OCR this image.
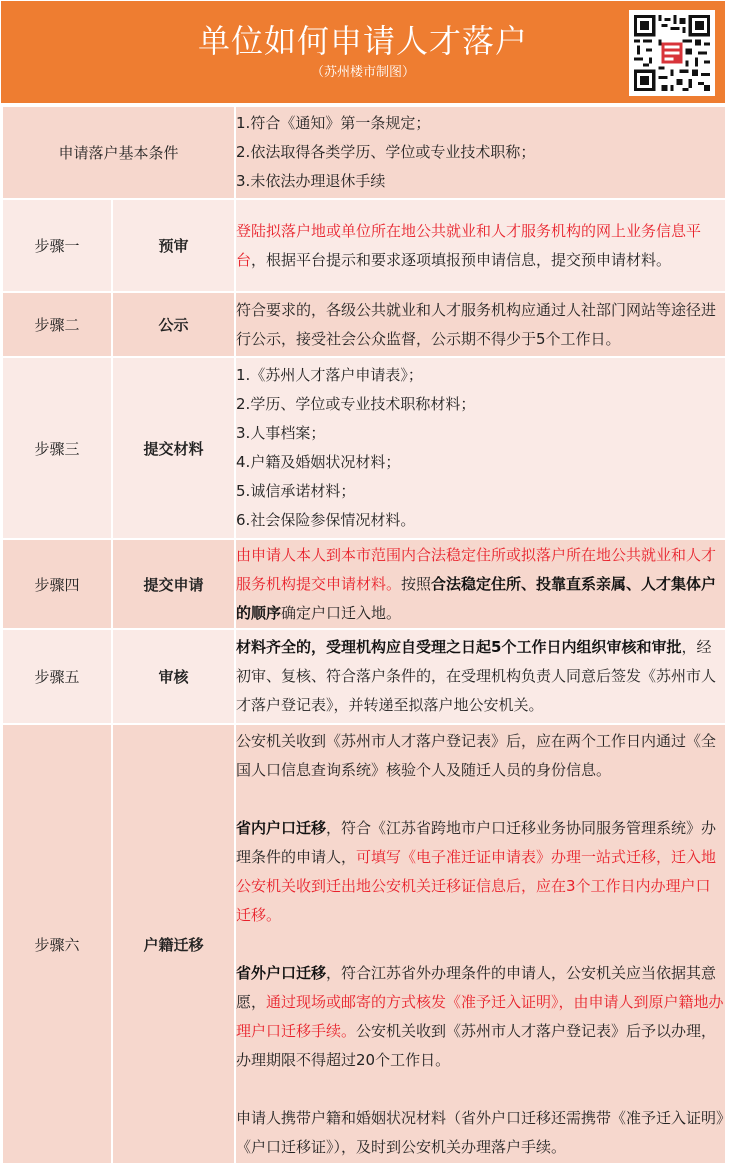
单位如何申请人才落户
（苏州楼市制图）
申请落户基本条件		1.符合《通知》第一条规定；
2.依法取得各类学历、学位或专业技术职称；
3.未依法办理退休手续

步骤一	预审	登陆拟落户地或单位所在地公共就业和人才服务机构的网上业务信息平台，根据平台提示和要求逐项填报预申请信息，提交预申请材料。
步骤二	公示	符合要求的，各级公共就业和人才服务机构应通过人社部门网站等途径进行公示，接受社会公众监督，公示期不得少于5个工作日。
步骤三	提交材料	
1.《苏州人才落户申请表》；
2.学历、学位或专业技术职称材料；
3.人事档案；
4.户籍及婚姻状况材料；
5.诚信承诺材料；
6.社会保险参保情况材料。

步骤四	提交申请	由申请人本人到本市范围内合法稳定住所或拟落户所在地公共就业和人才服务机构提交申请材料。按照合法稳定住所、投靠直系亲属、人才集体户的顺序确定户口迁入地。
步骤五	审核	材料齐全的，受理机构应自受理之日起5个工作日内组织审核和审批，经初审、复核、符合落户条件的，在受理机构负责人同意后签发《苏州市人才落户登记表》，并转递至拟落户地公安机关。
步骤六	户籍迁移	公安机关收到《苏州市人才落户登记表》后，应在两个工作日内通过《全国人口信息查询系统》核验个人及随迁人员的身份信息。
省内户口迁移，符合《江苏省跨地市户口迁移业务协同服务管理系统》办理条件的申请人，可填写《电子准迁证申请表》办理一站式迁移，迁入地公安机关收到迁出地公安机关迁移证信息后，应在3个工作日内办理户口迁移。
省外户口迁移，符合江苏省外办理条件的申请人，公安机关应当依据其意愿，通过现场或邮寄的方式核发《准予迁入证明》，由申请人到原户籍地办理户口迁移手续。公安机关收到《苏州市人才落户登记表》后予以办理，办理期限不得超过20个工作日。
申请人携带户籍和婚姻状况材料（省外户口迁移还需携带《准予迁入证明》《户口迁移证》），及时到公安机关办理落户手续。
